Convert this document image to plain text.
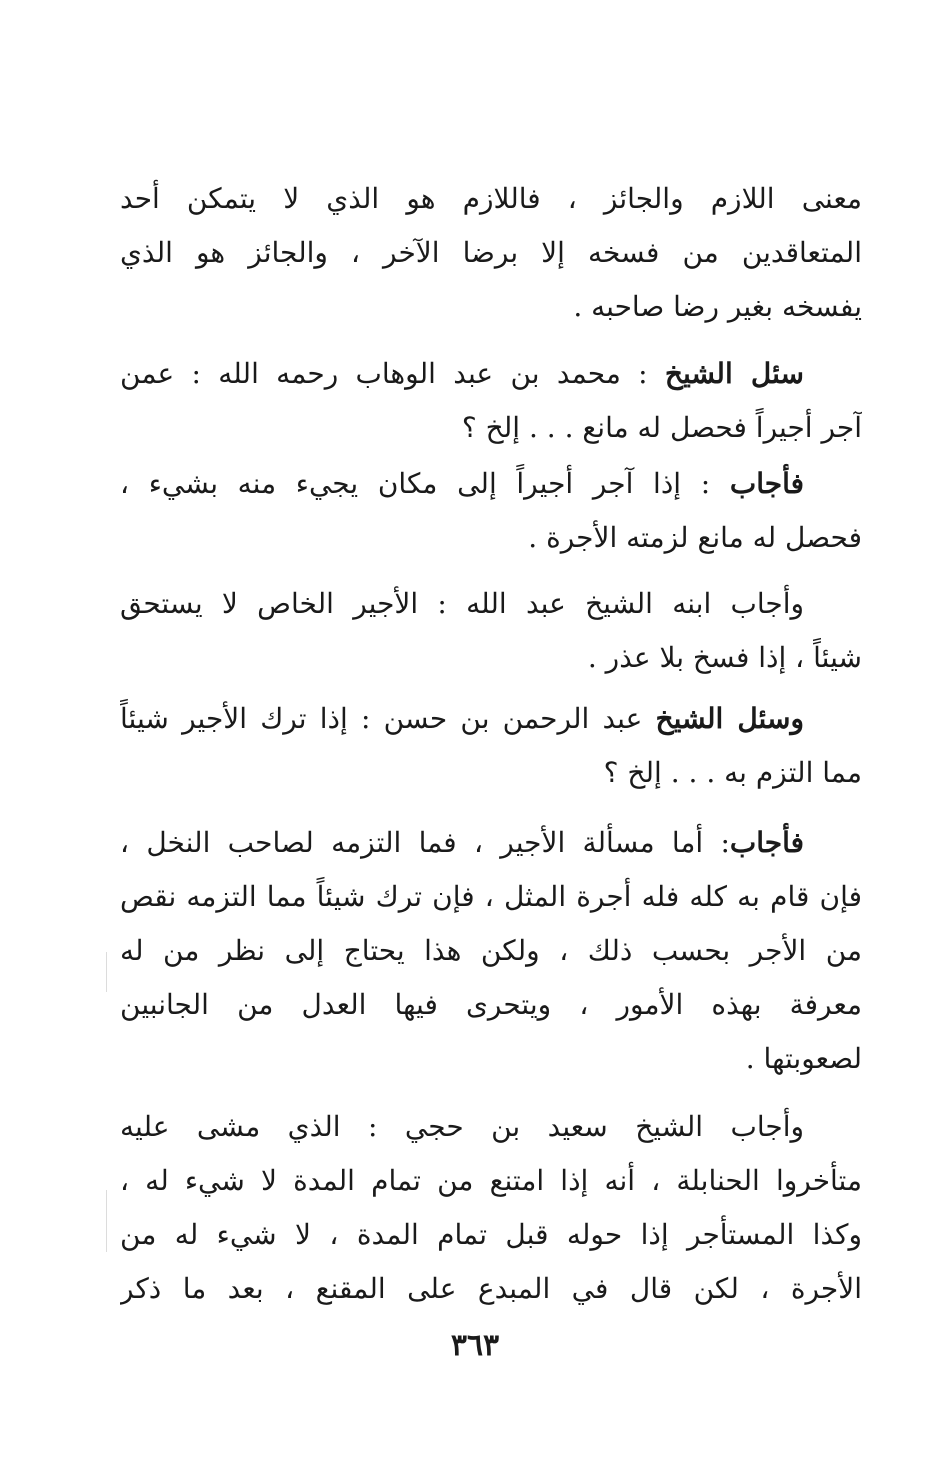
معنى اللازم والجائز ، فاللازم هو الذي لا يتمكن أحد
المتعاقدين من فسخه إلا برضا الآخر ، والجائز هو الذي
يفسخه بغير رضا صاحبه .
سئل الشيخ : محمد بن عبد الوهاب رحمه الله : عمن
آجر أجيراً فحصل له مانع . . . إلخ ؟
فأجاب : إذا آجر أجيراً إلى مكان يجيء منه بشيء ،
فحصل له مانع لزمته الأجرة .
وأجاب ابنه الشيخ عبد الله : الأجير الخاص لا يستحق
شيئاً ، إذا فسخ بلا عذر .
وسئل الشيخ عبد الرحمن بن حسن : إذا ترك الأجير شيئاً
مما التزم به . . . إلخ ؟
فأجاب: أما مسألة الأجير ، فما التزمه لصاحب النخل ،
فإن قام به كله فله أجرة المثل ، فإن ترك شيئاً مما التزمه نقص
من الأجر بحسب ذلك ، ولكن هذا يحتاج إلى نظر من له
معرفة بهذه الأمور ، ويتحرى فيها العدل من الجانبين
لصعوبتها .
وأجاب الشيخ سعيد بن حجي : الذي مشى عليه
متأخروا الحنابلة ، أنه إذا امتنع من تمام المدة لا شيء له ،
وكذا المستأجر إذا حوله قبل تمام المدة ، لا شيء له من
الأجرة ، لكن قال في المبدع على المقنع ، بعد ما ذكر
٣٦٣
